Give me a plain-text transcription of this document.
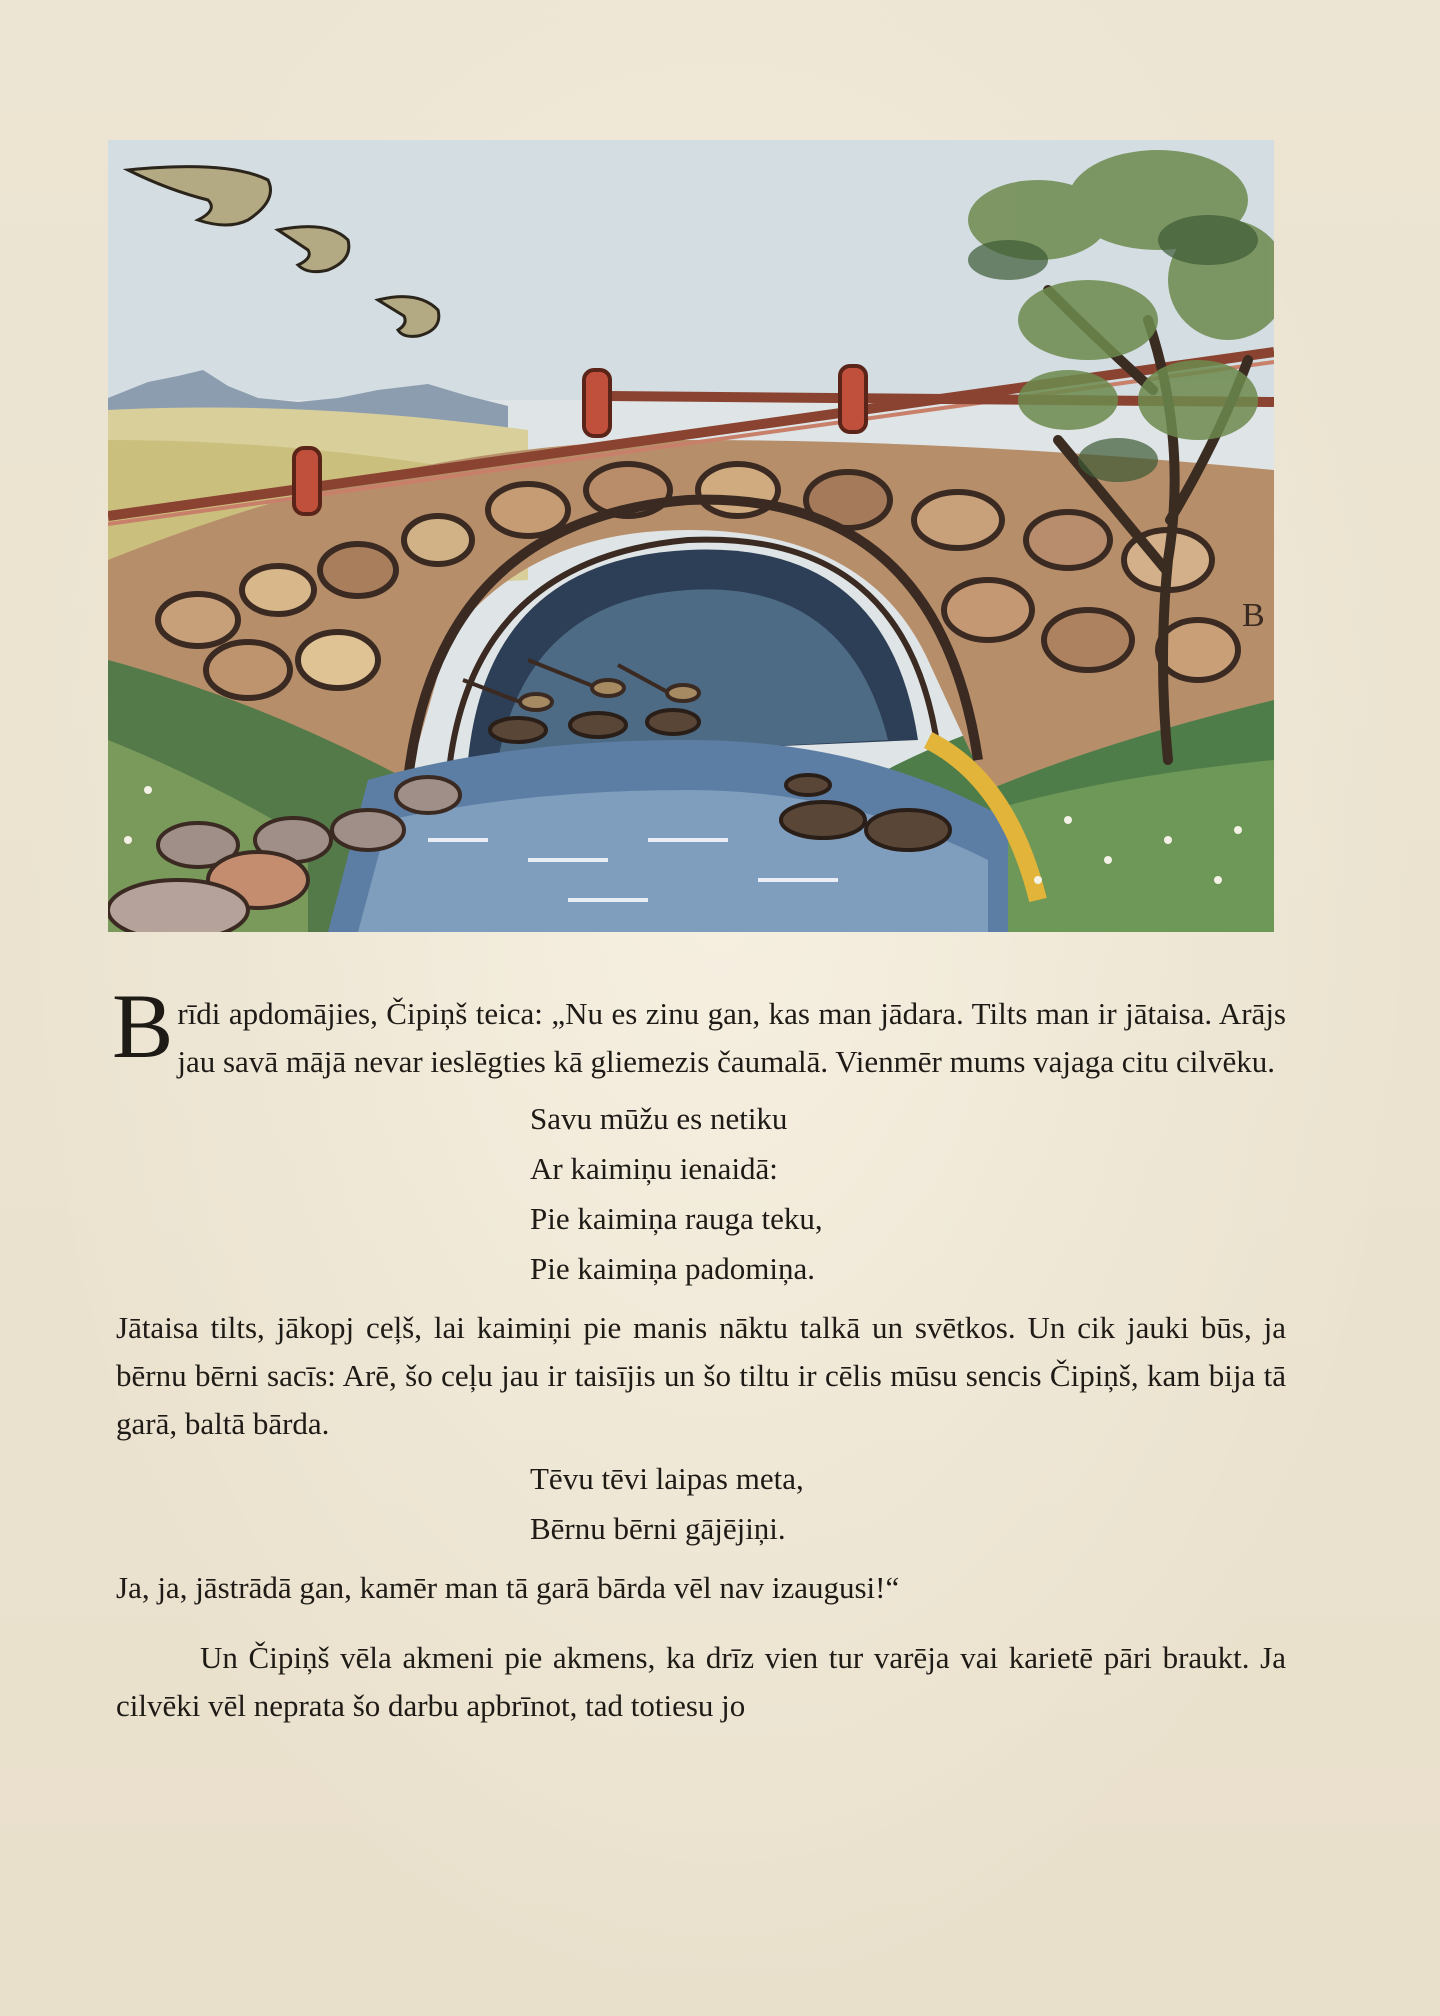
B

Brīdi apdomājies, Čipiņš teica: „Nu es zinu gan, kas man jādara. Tilts man ir jātaisa. Arājs jau savā mājā nevar ieslēgties kā gliemezis čaumalā. Vienmēr mums vajaga citu cilvēku.

Savu mūžu es netiku
Ar kaimiņu ienaidā:
Pie kaimiņa rauga teku,
Pie kaimiņa padomiņa.

Jātaisa tilts, jākopj ceļš, lai kaimiņi pie manis nāktu talkā un svētkos. Un cik jauki būs, ja bērnu bērni sacīs: Arē, šo ceļu jau ir taisījis un šo tiltu ir cēlis mūsu sencis Čipiņš, kam bija tā garā, baltā bārda.

Tēvu tēvi laipas meta,
Bērnu bērni gājējiņi.

Ja, ja, jāstrādā gan, kamēr man tā garā bārda vēl nav izaugusi!“

Un Čipiņš vēla akmeni pie akmens, ka drīz vien tur varēja vai karietē pāri braukt. Ja cilvēki vēl neprata šo darbu apbrīnot, tad totiesu jo
